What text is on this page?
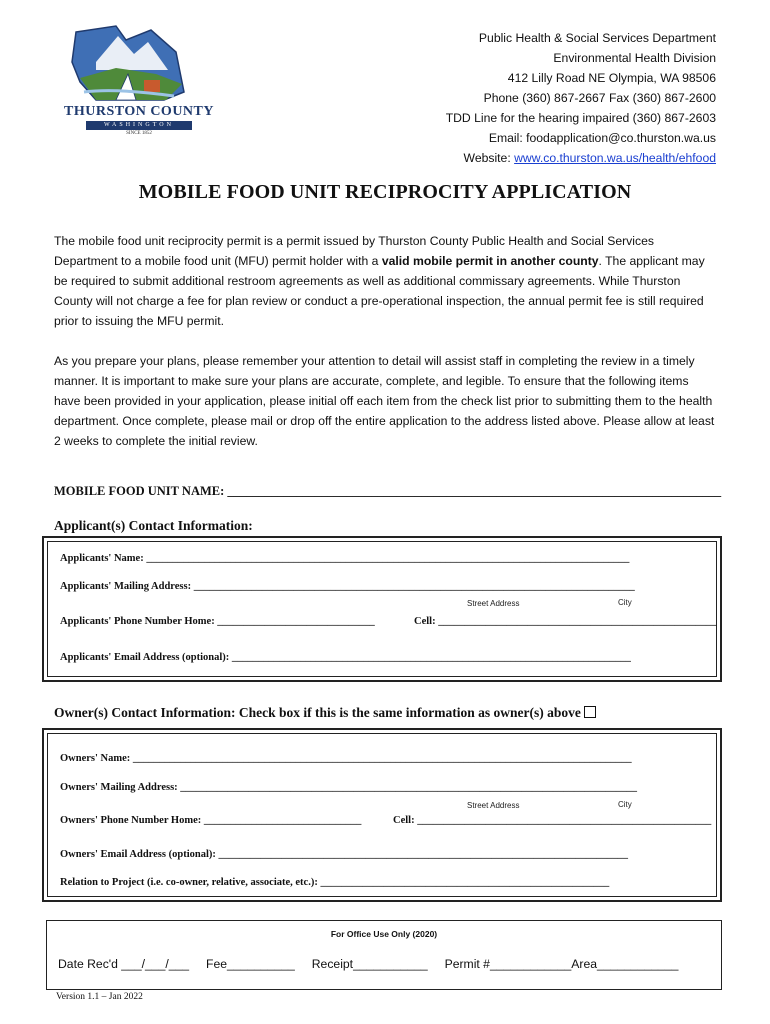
THURSTON COUNTY
WASHINGTON
SINCE 1852
Public Health & Social Services Department
Environmental Health Division
412 Lilly Road NE Olympia, WA 98506
Phone (360) 867-2667 Fax (360) 867-2600
TDD Line for the hearing impaired (360) 867-2603
Email: foodapplication@co.thurston.wa.us
Website: www.co.thurston.wa.us/health/ehfood
MOBILE FOOD UNIT RECIPROCITY APPLICATION

The mobile food unit reciprocity permit is a permit issued by Thurston County Public Health and Social Services Department to a mobile food unit (MFU) permit holder with a valid mobile permit in another county. The applicant may be required to submit additional restroom agreements as well as additional commissary agreements. While Thurston County will not charge a fee for plan review or conduct a pre-operational inspection, the annual permit fee is still required prior to issuing the MFU permit.

As you prepare your plans, please remember your attention to detail will assist staff in completing the review in a timely manner. It is important to make sure your plans are accurate, complete, and legible. To ensure that the following items have been provided in your application, please initial off each item from the check list prior to submitting them to the health department. Once complete, please mail or drop off the entire application to the address listed above. Please allow at least 2 weeks to complete the initial review.

MOBILE FOOD UNIT NAME: _______________________________________________________________________________
Applicant(s) Contact Information:
Applicants' Name: ____________________________________________________________________________________________
Applicants' Mailing Address: ____________________________________________________________________________________
Street Address	City
Applicants' Phone Number Home: ______________________________	Cell: _____________________________________________________
Applicants' Email Address (optional): ____________________________________________________________________________
Owner(s) Contact Information: Check box if this is the same information as owner(s) above
Owners' Name: _______________________________________________________________________________________________
Owners' Mailing Address: _______________________________________________________________________________________
Street Address	City
Owners' Phone Number Home: ______________________________	Cell: ________________________________________________________
Owners' Email Address (optional): ______________________________________________________________________________
Relation to Project (i.e. co-owner, relative, associate, etc.): _______________________________________________________
For Office Use Only (2020)
Date Rec'd ___/___/___ Fee__________ Receipt___________ Permit #____________Area____________
Version 1.1 – Jan 2022
